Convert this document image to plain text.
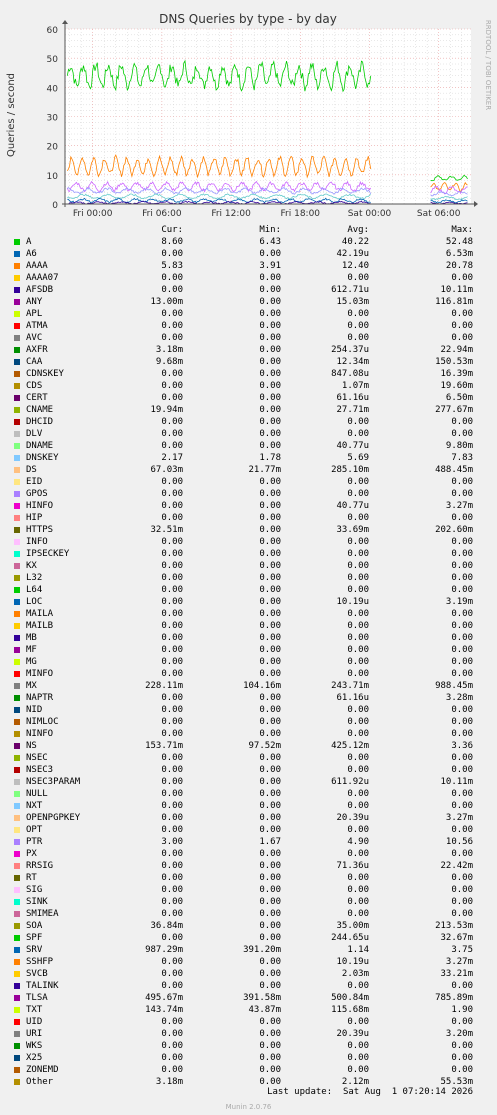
DNS Queries by type - by day
Queries / second
RRDTOOL / TOBI OETIKER
0
10
20
30
40
50
60
Fri 00:00	Fri 06:00	Fri 12:00	Fri 18:00	Sat 00:00	Sat 06:00
Cur:	Min:	Avg:	Max:
A	8.60	6.43	40.22	52.48
A6	0.00	0.00	42.19u	6.53m
AAAA	5.83	3.91	12.40	20.78
AAAA07	0.00	0.00	0.00	0.00
AFSDB	0.00	0.00	612.71u	10.11m
ANY	13.00m	0.00	15.03m	116.81m
APL	0.00	0.00	0.00	0.00
ATMA	0.00	0.00	0.00	0.00
AVC	0.00	0.00	0.00	0.00
AXFR	3.18m	0.00	254.37u	22.94m
CAA	9.68m	0.00	12.34m	150.53m
CDNSKEY	0.00	0.00	847.08u	16.39m
CDS	0.00	0.00	1.07m	19.60m
CERT	0.00	0.00	61.16u	6.50m
CNAME	19.94m	0.00	27.71m	277.67m
DHCID	0.00	0.00	0.00	0.00
DLV	0.00	0.00	0.00	0.00
DNAME	0.00	0.00	40.77u	9.80m
DNSKEY	2.17	1.78	5.69	7.83
DS	67.03m	21.77m	285.10m	488.45m
EID	0.00	0.00	0.00	0.00
GPOS	0.00	0.00	0.00	0.00
HINFO	0.00	0.00	40.77u	3.27m
HIP	0.00	0.00	0.00	0.00
HTTPS	32.51m	0.00	33.69m	202.60m
INFO	0.00	0.00	0.00	0.00
IPSECKEY	0.00	0.00	0.00	0.00
KX	0.00	0.00	0.00	0.00
L32	0.00	0.00	0.00	0.00
L64	0.00	0.00	0.00	0.00
LOC	0.00	0.00	10.19u	3.19m
MAILA	0.00	0.00	0.00	0.00
MAILB	0.00	0.00	0.00	0.00
MB	0.00	0.00	0.00	0.00
MF	0.00	0.00	0.00	0.00
MG	0.00	0.00	0.00	0.00
MINFO	0.00	0.00	0.00	0.00
MX	228.11m	104.16m	243.71m	988.45m
NAPTR	0.00	0.00	61.16u	3.28m
NID	0.00	0.00	0.00	0.00
NIMLOC	0.00	0.00	0.00	0.00
NINFO	0.00	0.00	0.00	0.00
NS	153.71m	97.52m	425.12m	3.36
NSEC	0.00	0.00	0.00	0.00
NSEC3	0.00	0.00	0.00	0.00
NSEC3PARAM	0.00	0.00	611.92u	10.11m
NULL	0.00	0.00	0.00	0.00
NXT	0.00	0.00	0.00	0.00
OPENPGPKEY	0.00	0.00	20.39u	3.27m
OPT	0.00	0.00	0.00	0.00
PTR	3.00	1.67	4.90	10.56
PX	0.00	0.00	0.00	0.00
RRSIG	0.00	0.00	71.36u	22.42m
RT	0.00	0.00	0.00	0.00
SIG	0.00	0.00	0.00	0.00
SINK	0.00	0.00	0.00	0.00
SMIMEA	0.00	0.00	0.00	0.00
SOA	36.84m	0.00	35.00m	213.53m
SPF	0.00	0.00	244.65u	32.67m
SRV	987.29m	391.20m	1.14	3.75
SSHFP	0.00	0.00	10.19u	3.27m
SVCB	0.00	0.00	2.03m	33.21m
TALINK	0.00	0.00	0.00	0.00
TLSA	495.67m	391.58m	500.84m	785.89m
TXT	143.74m	43.87m	115.68m	1.90
UID	0.00	0.00	0.00	0.00
URI	0.00	0.00	20.39u	3.20m
WKS	0.00	0.00	0.00	0.00
X25	0.00	0.00	0.00	0.00
ZONEMD	0.00	0.00	0.00	0.00
Other	3.18m	0.00	2.12m	55.53m
Last update:  Sat Aug  1 07:20:14 2026
Munin 2.0.76
